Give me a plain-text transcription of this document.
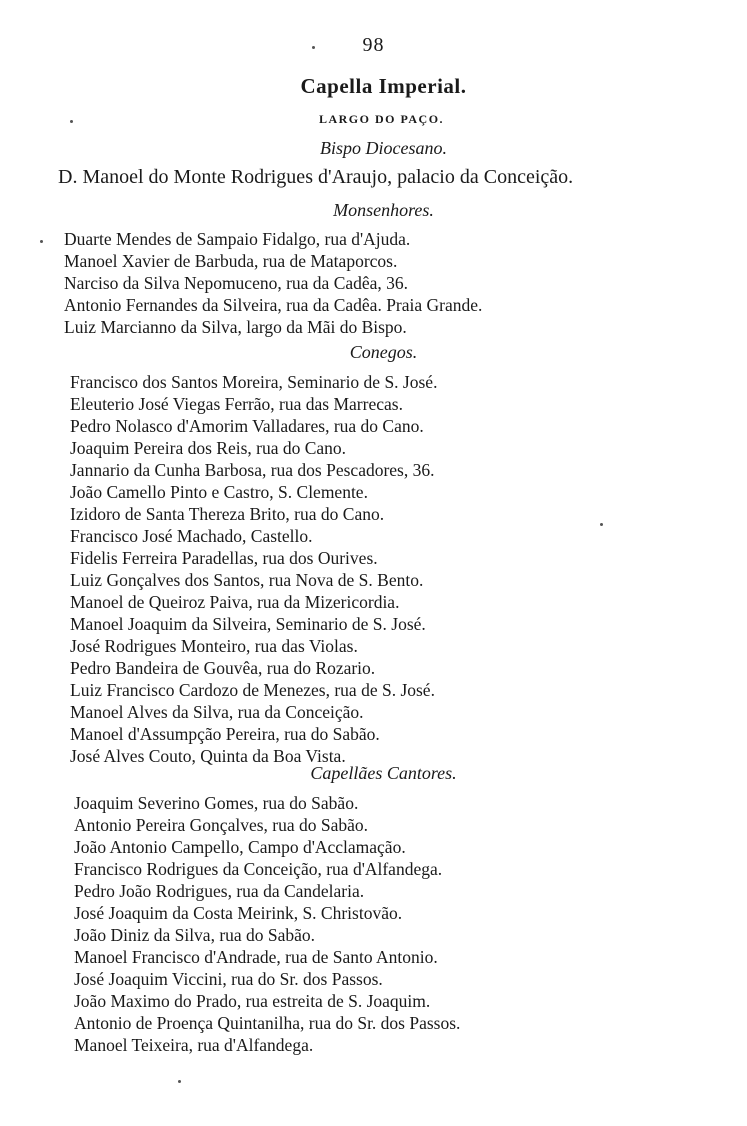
98
Capella Imperial.
LARGO DO PAÇO.
Bispo Diocesano.
D. Manoel do Monte Rodrigues d'Araujo, palacio da Conceição.
Monsenhores.
Duarte Mendes de Sampaio Fidalgo, rua d'Ajuda.
Manoel Xavier de Barbuda, rua de Mataporcos.
Narciso da Silva Nepomuceno, rua da Cadêa, 36.
Antonio Fernandes da Silveira, rua da Cadêa. Praia Grande.
Luiz Marcianno da Silva, largo da Mãi do Bispo.
Conegos.
Francisco dos Santos Moreira, Seminario de S. José.
Eleuterio José Viegas Ferrão, rua das Marrecas.
Pedro Nolasco d'Amorim Valladares, rua do Cano.
Joaquim Pereira dos Reis, rua do Cano.
Jannario da Cunha Barbosa, rua dos Pescadores, 36.
João Camello Pinto e Castro, S. Clemente.
Izidoro de Santa Thereza Brito, rua do Cano.
Francisco José Machado, Castello.
Fidelis Ferreira Paradellas, rua dos Ourives.
Luiz Gonçalves dos Santos, rua Nova de S. Bento.
Manoel de Queiroz Paiva, rua da Mizericordia.
Manoel Joaquim da Silveira, Seminario de S. José.
José Rodrigues Monteiro, rua das Violas.
Pedro Bandeira de Gouvêa, rua do Rozario.
Luiz Francisco Cardozo de Menezes, rua de S. José.
Manoel Alves da Silva, rua da Conceição.
Manoel d'Assumpção Pereira, rua do Sabão.
José Alves Couto, Quinta da Boa Vista.
Capellães Cantores.
Joaquim Severino Gomes, rua do Sabão.
Antonio Pereira Gonçalves, rua do Sabão.
João Antonio Campello, Campo d'Acclamação.
Francisco Rodrigues da Conceição, rua d'Alfandega.
Pedro João Rodrigues, rua da Candelaria.
José Joaquim da Costa Meirink, S. Christovão.
João Diniz da Silva, rua do Sabão.
Manoel Francisco d'Andrade, rua de Santo Antonio.
José Joaquim Viccini, rua do Sr. dos Passos.
João Maximo do Prado, rua estreita de S. Joaquim.
Antonio de Proença Quintanilha, rua do Sr. dos Passos.
Manoel Teixeira, rua d'Alfandega.
